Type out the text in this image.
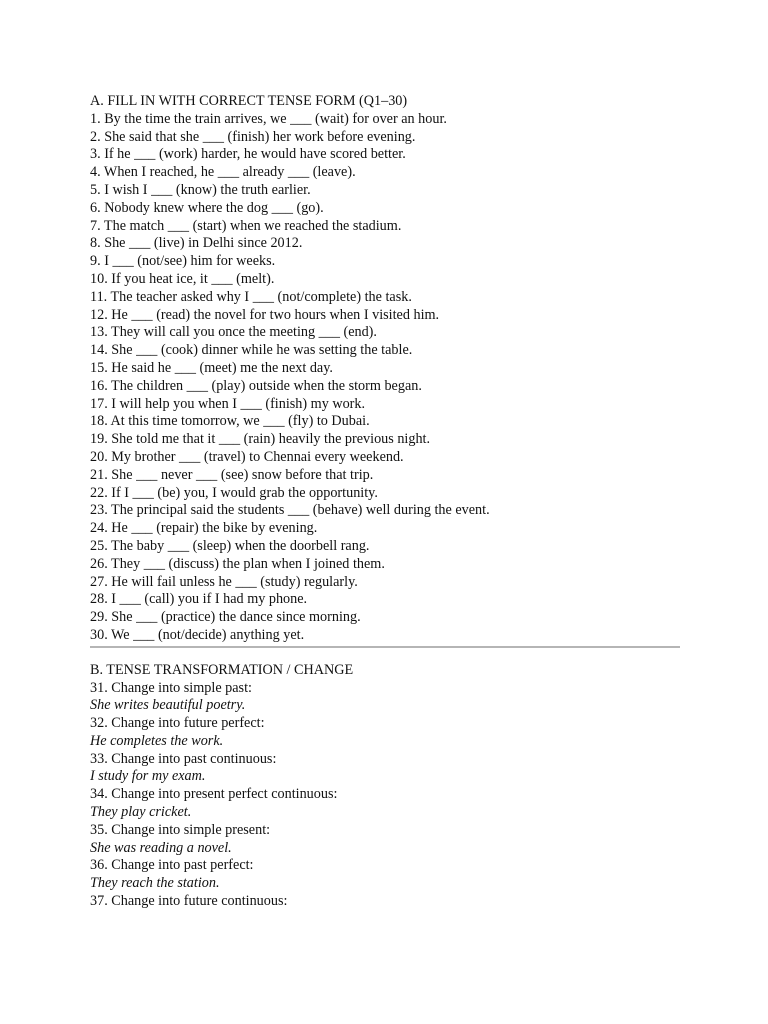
A. FILL IN WITH CORRECT TENSE FORM (Q1–30)
1. By the time the train arrives, we ___ (wait) for over an hour.
2. She said that she ___ (finish) her work before evening.
3. If he ___ (work) harder, he would have scored better.
4. When I reached, he ___ already ___ (leave).
5. I wish I ___ (know) the truth earlier.
6. Nobody knew where the dog ___ (go).
7. The match ___ (start) when we reached the stadium.
8. She ___ (live) in Delhi since 2012.
9. I ___ (not/see) him for weeks.
10. If you heat ice, it ___ (melt).
11. The teacher asked why I ___ (not/complete) the task.
12. He ___ (read) the novel for two hours when I visited him.
13. They will call you once the meeting ___ (end).
14. She ___ (cook) dinner while he was setting the table.
15. He said he ___ (meet) me the next day.
16. The children ___ (play) outside when the storm began.
17. I will help you when I ___ (finish) my work.
18. At this time tomorrow, we ___ (fly) to Dubai.
19. She told me that it ___ (rain) heavily the previous night.
20. My brother ___ (travel) to Chennai every weekend.
21. She ___ never ___ (see) snow before that trip.
22. If I ___ (be) you, I would grab the opportunity.
23. The principal said the students ___ (behave) well during the event.
24. He ___ (repair) the bike by evening.
25. The baby ___ (sleep) when the doorbell rang.
26. They ___ (discuss) the plan when I joined them.
27. He will fail unless he ___ (study) regularly.
28. I ___ (call) you if I had my phone.
29. She ___ (practice) the dance since morning.
30. We ___ (not/decide) anything yet.
B. TENSE TRANSFORMATION / CHANGE
31. Change into simple past:
She writes beautiful poetry.
32. Change into future perfect:
He completes the work.
33. Change into past continuous:
I study for my exam.
34. Change into present perfect continuous:
They play cricket.
35. Change into simple present:
She was reading a novel.
36. Change into past perfect:
They reach the station.
37. Change into future continuous:
